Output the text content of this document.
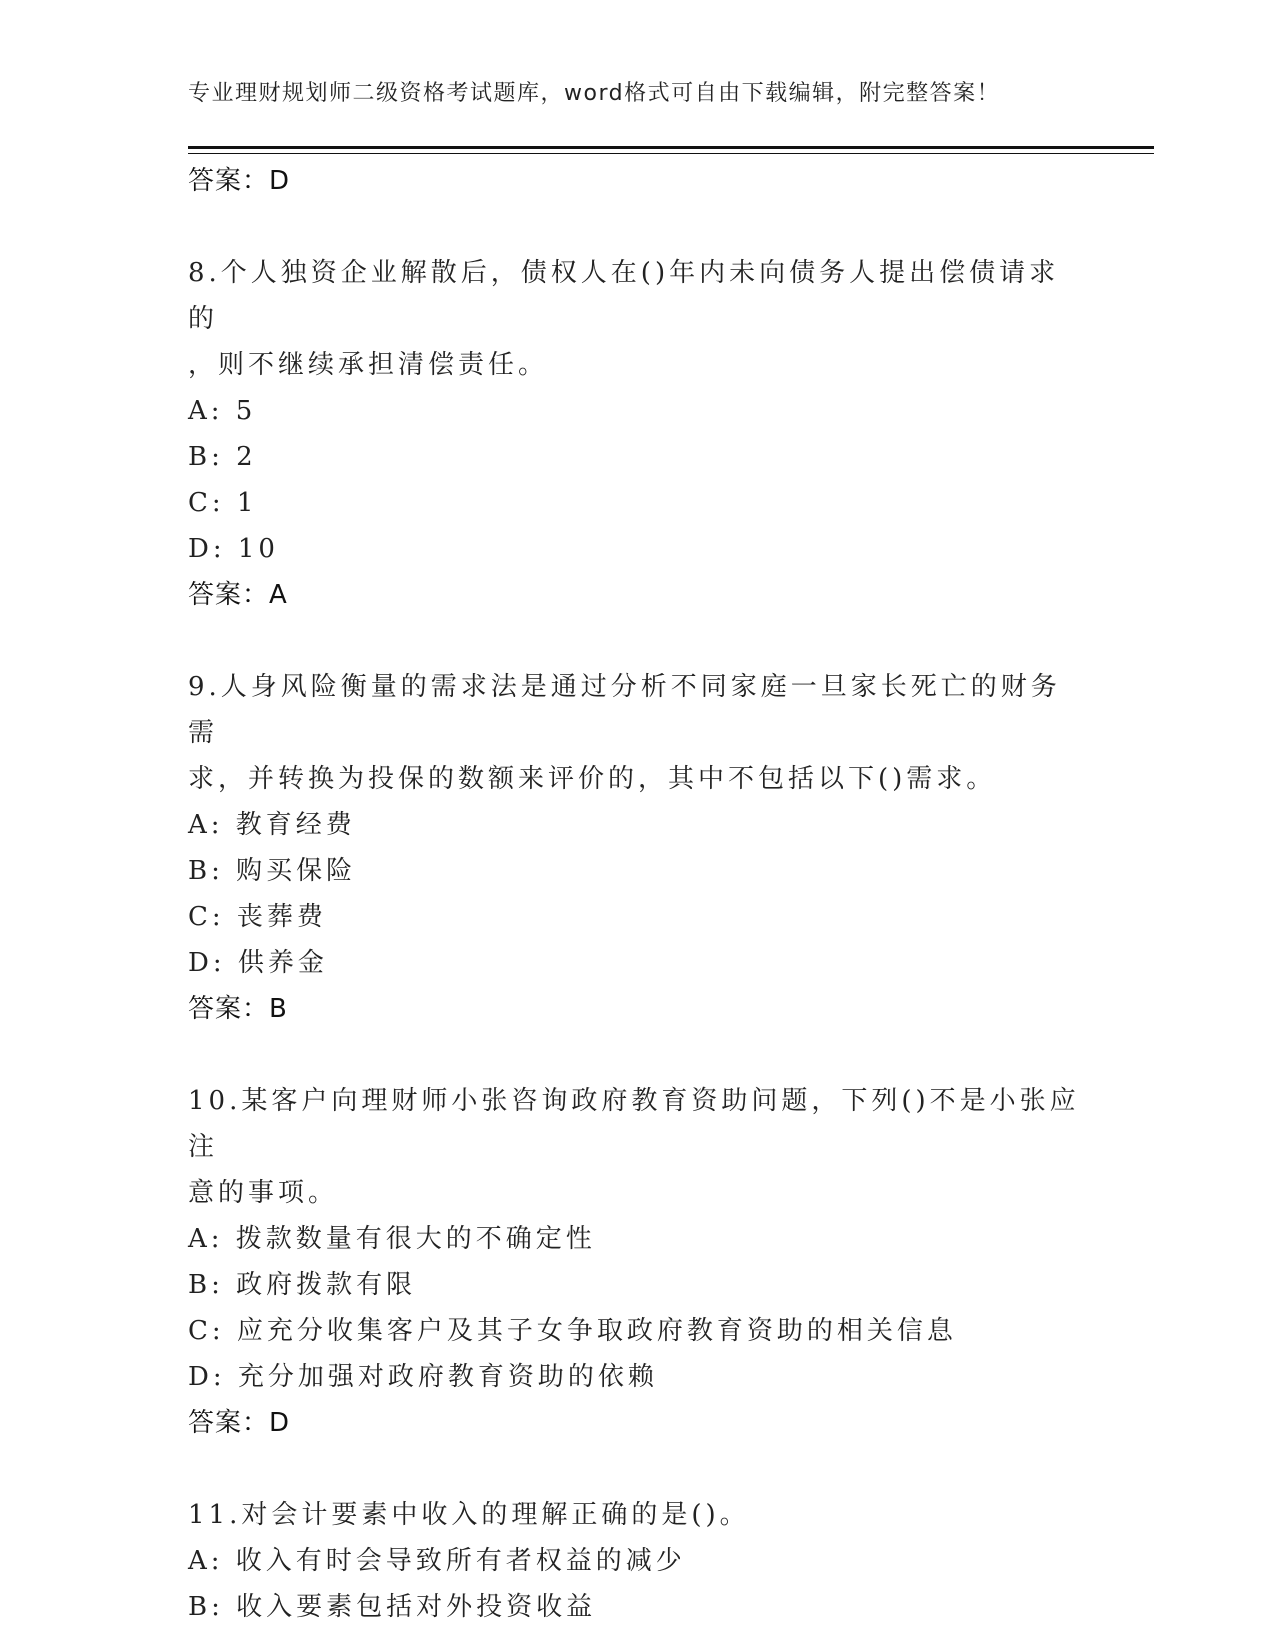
专业理财规划师二级资格考试题库，word格式可自由下载编辑，附完整答案！
答案：D
8.个人独资企业解散后，债权人在()年内未向债务人提出偿债请求的
，则不继续承担清偿责任。
A: 5
B: 2
C: 1
D: 10
答案：A
9.人身风险衡量的需求法是通过分析不同家庭一旦家长死亡的财务需
求，并转换为投保的数额来评价的，其中不包括以下()需求。
A: 教育经费
B: 购买保险
C: 丧葬费
D: 供养金
答案：B
10.某客户向理财师小张咨询政府教育资助问题，下列()不是小张应注
意的事项。
A: 拨款数量有很大的不确定性
B: 政府拨款有限
C: 应充分收集客户及其子女争取政府教育资助的相关信息
D: 充分加强对政府教育资助的依赖
答案：D
11.对会计要素中收入的理解正确的是()。
A: 收入有时会导致所有者权益的减少
B: 收入要素包括对外投资收益
